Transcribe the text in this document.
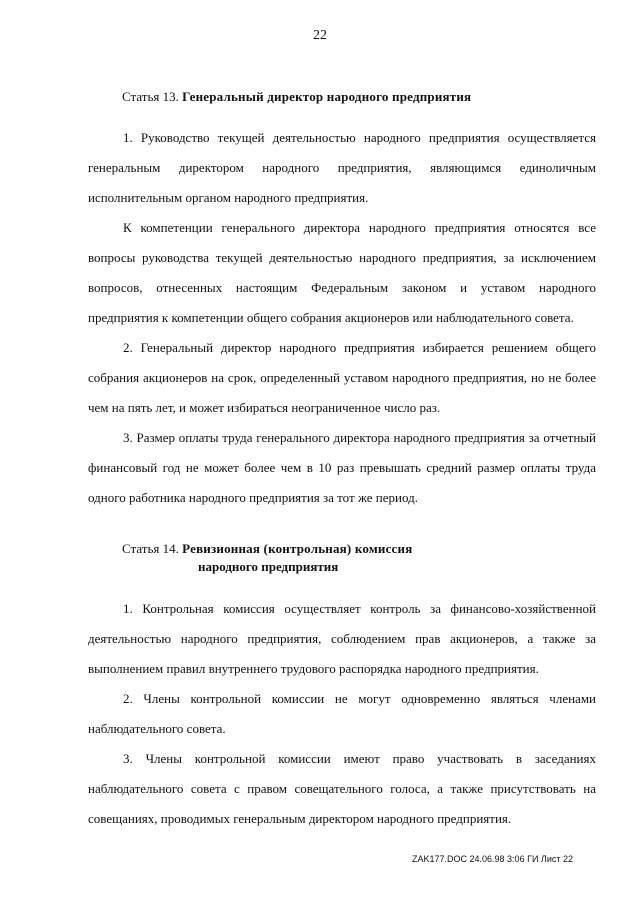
22
Статья 13. Генеральный директор народного предприятия

1. Руководство текущей деятельностью народного предприятия осуществляется генеральным директором народного предприятия, являющимся единоличным исполнительным органом народного предприятия.

К компетенции генерального директора народного предприятия относятся все вопросы руководства текущей деятельностью народного предприятия, за исключением вопросов, отнесенных настоящим Федеральным законом и уставом народного предприятия к компетенции общего собрания акционеров или наблюдательного совета.

2. Генеральный директор народного предприятия избирается решением общего собрания акционеров на срок, определенный уставом народного предприятия, но не более чем на пять лет, и может избираться неограниченное число раз.

3. Размер оплаты труда генерального директора народного предприятия за отчетный финансовый год не может более чем в 10 раз превышать средний размер оплаты труда одного работника народного предприятия за тот же период.

Статья 14. Ревизионная (контрольная) комиссия
народного предприятия

1. Контрольная комиссия осуществляет контроль за финансово-хозяйственной деятельностью народного предприятия, соблюдением прав акционеров, а также за выполнением правил внутреннего трудового распорядка народного предприятия.

2. Члены контрольной комиссии не могут одновременно являться членами наблюдательного совета.

3. Члены контрольной комиссии имеют право участвовать в заседаниях наблюдательного совета с правом совещательного голоса, а также присутствовать на совещаниях, проводимых генеральным директором народного предприятия.

ZAK177.DOC 24.06.98 3:06 ГИ Лист 22
